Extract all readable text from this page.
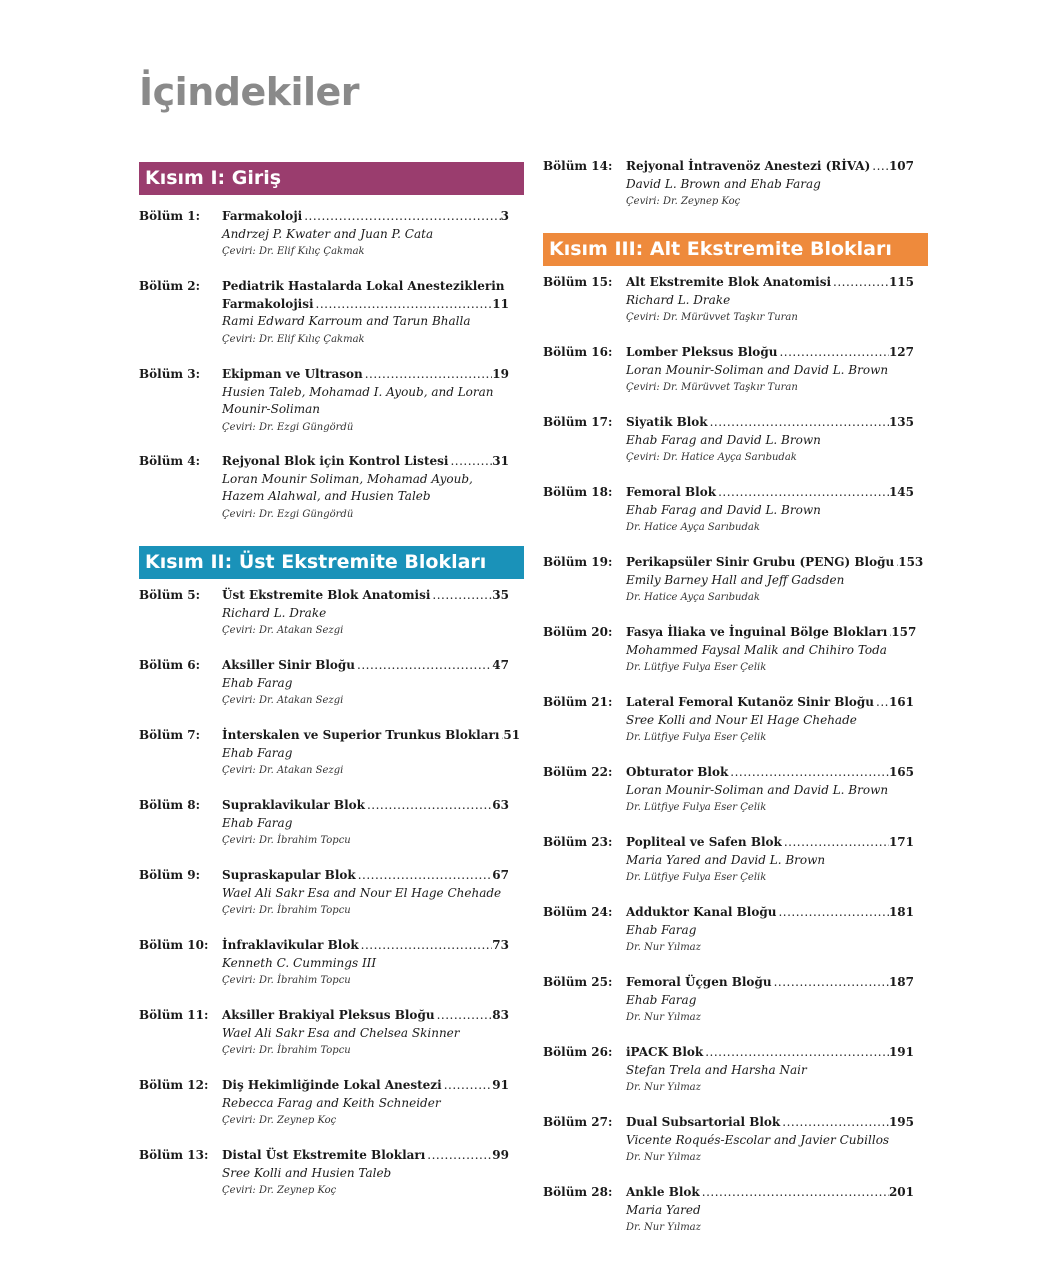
İçindekiler
Kısım I: Giriş
Kısım II: Üst Ekstremite Blokları
Kısım III: Alt Ekstremite Blokları
Bölüm 1:	Farmakoloji .....	3
Andrzej P. Kwater and Juan P. Cata
Çeviri: Dr. Elif Kılıç Çakmak
Bölüm 2:	Pediatrik Hastalarda Lokal Anesteziklerin
Farmakolojisi .....	11
Rami Edward Karroum and Tarun Bhalla
Çeviri: Dr. Elif Kılıç Çakmak
Bölüm 3:	Ekipman ve Ultrason .....	19
Husien Taleb, Mohamad I. Ayoub, and Loran Mounir-Soliman
Çeviri: Dr. Ezgi Güngördü
Bölüm 4:	Rejyonal Blok için Kontrol Listesi .....	31
Loran Mounir Soliman, Mohamad Ayoub, Hazem Alahwal, and Husien Taleb
Çeviri: Dr. Ezgi Güngördü
Bölüm 5:	Üst Ekstremite Blok Anatomisi .....	35
Richard L. Drake
Çeviri: Dr. Atakan Sezgi
Bölüm 6:	Aksiller Sinir Bloğu .....	47
Ehab Farag
Çeviri: Dr. Atakan Sezgi
Bölüm 7:	İnterskalen ve Superior Trunkus Blokları ..... 51
Ehab Farag
Çeviri: Dr. Atakan Sezgi
Bölüm 8:	Supraklavikular Blok .....	63
Ehab Farag
Çeviri: Dr. İbrahim Topcu
Bölüm 9:	Supraskapular Blok .....	67
Wael Ali Sakr Esa and Nour El Hage Chehade
Çeviri: Dr. İbrahim Topcu
Bölüm 10:	İnfraklavikular Blok .....	73
Kenneth C. Cummings III
Çeviri: Dr. İbrahim Topcu
Bölüm 11:	Aksiller Brakiyal Pleksus Bloğu .....	83
Wael Ali Sakr Esa and Chelsea Skinner
Çeviri: Dr. İbrahim Topcu
Bölüm 12:	Diş Hekimliğinde Lokal Anestezi .....	91
Rebecca Farag and Keith Schneider
Çeviri: Dr. Zeynep Koç
Bölüm 13:	Distal Üst Ekstremite Blokları .....	99
Sree Kolli and Husien Taleb
Çeviri: Dr. Zeynep Koç
Bölüm 14:	Rejyonal İntravenöz Anestezi (RİVA) ..... 107
David L. Brown and Ehab Farag
Çeviri: Dr. Zeynep Koç
Bölüm 15:	Alt Ekstremite Blok Anatomisi .....	115
Richard L. Drake
Çeviri: Dr. Mürüvvet Taşkır Turan
Bölüm 16:	Lomber Pleksus Bloğu .....	127
Loran Mounir-Soliman and David L. Brown
Çeviri: Dr. Mürüvvet Taşkır Turan
Bölüm 17:	Siyatik Blok .....	135
Ehab Farag and David L. Brown
Çeviri: Dr. Hatice Ayça Sarıbudak
Bölüm 18:	Femoral Blok .....	145
Ehab Farag and David L. Brown
Dr. Hatice Ayça Sarıbudak
Bölüm 19:	Perikapsüler Sinir Grubu (PENG) Bloğu ..... 153
Emily Barney Hall and Jeff Gadsden
Dr. Hatice Ayça Sarıbudak
Bölüm 20:	Fasya İliaka ve İnguinal Bölge Blokları ..... 157
Mohammed Faysal Malik and Chihiro Toda
Dr. Lütfiye Fulya Eser Çelik
Bölüm 21:	Lateral Femoral Kutanöz Sinir Bloğu ..... 161
Sree Kolli and Nour El Hage Chehade
Dr. Lütfiye Fulya Eser Çelik
Bölüm 22:	Obturator Blok .....	165
Loran Mounir-Soliman and David L. Brown
Dr. Lütfiye Fulya Eser Çelik
Bölüm 23:	Popliteal ve Safen Blok .....	171
Maria Yared and David L. Brown
Dr. Lütfiye Fulya Eser Çelik
Bölüm 24:	Adduktor Kanal Bloğu .....	181
Ehab Farag
Dr. Nur Yılmaz
Bölüm 25:	Femoral Üçgen Bloğu .....	187
Ehab Farag
Dr. Nur Yılmaz
Bölüm 26:	iPACK Blok .....	191
Stefan Trela and Harsha Nair
Dr. Nur Yılmaz
Bölüm 27:	Dual Subsartorial Blok .....	195
Vicente Roqués-Escolar and Javier Cubillos
Dr. Nur Yılmaz
Bölüm 28:	Ankle Blok .....	201
Maria Yared
Dr. Nur Yılmaz
